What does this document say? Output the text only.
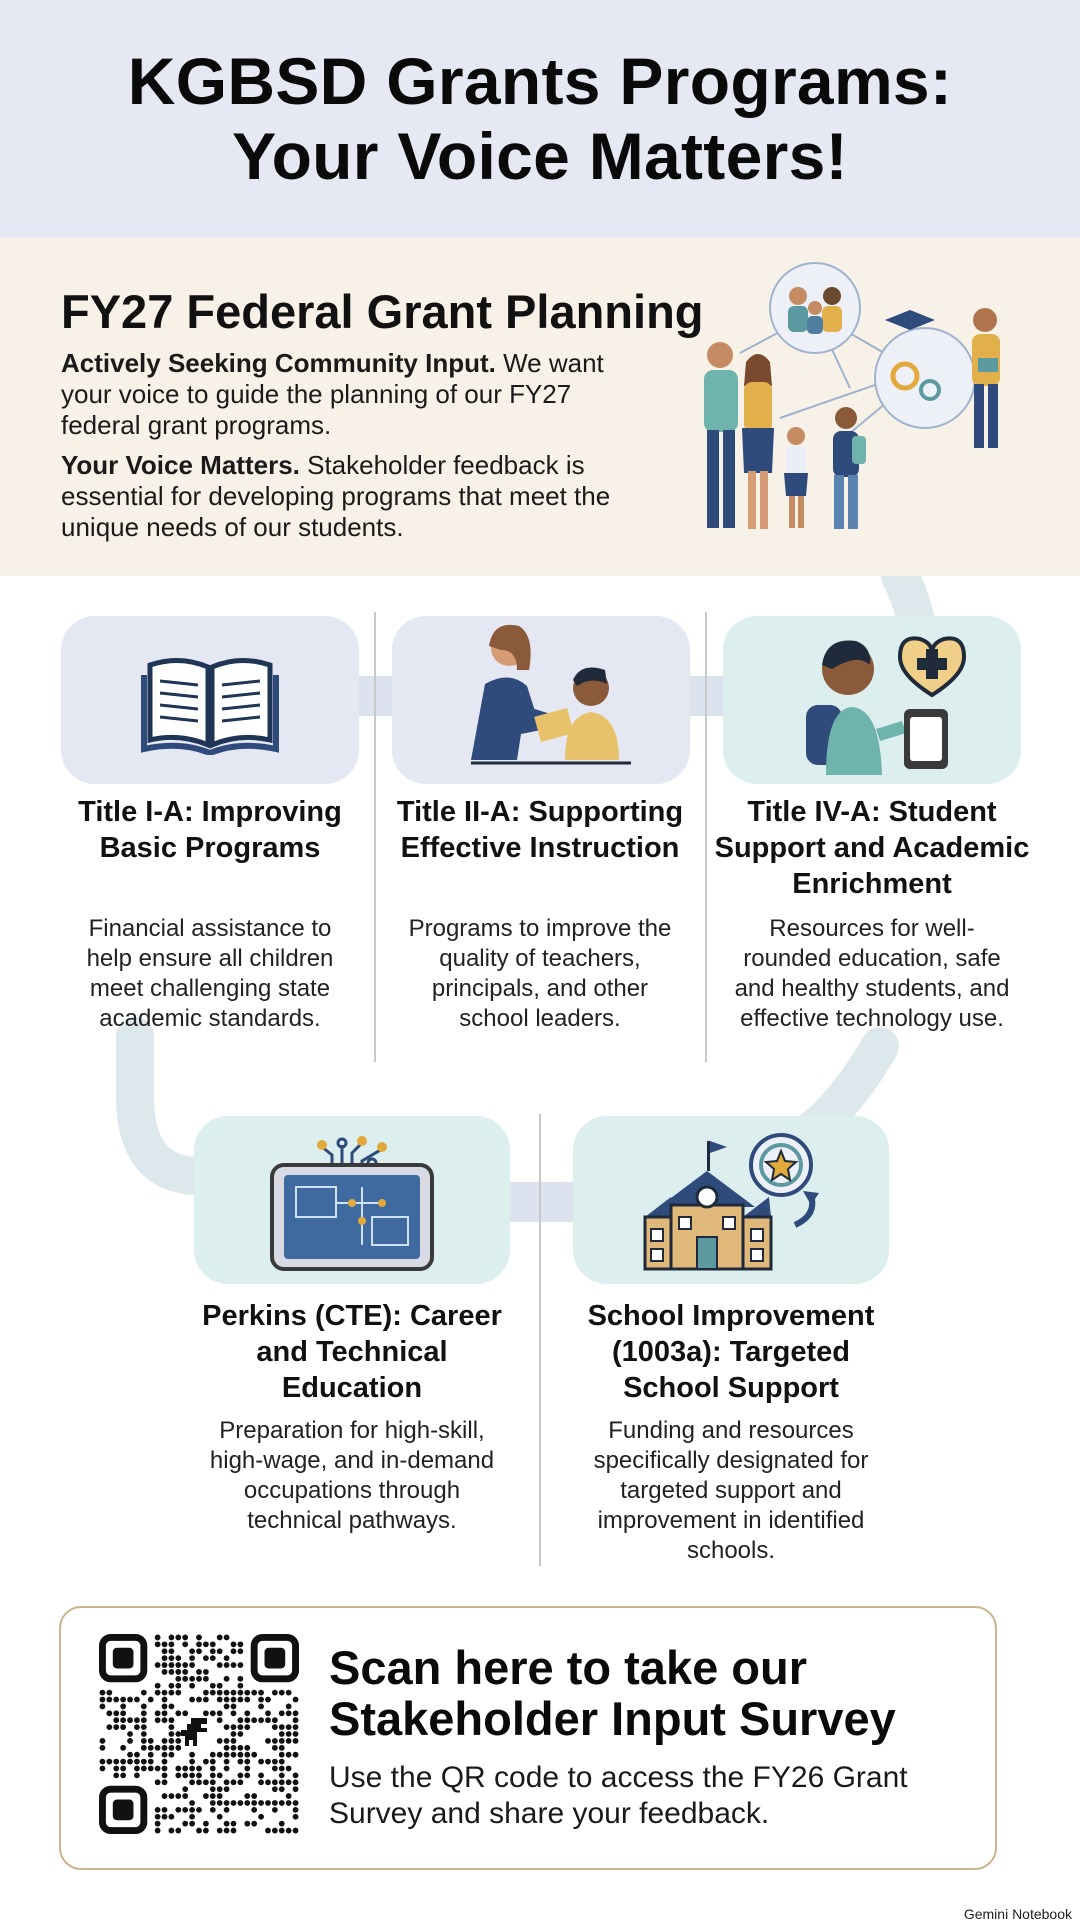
KGBSD Grants Programs:
Your Voice Matters!
FY27 Federal Grant Planning

Actively Seeking Community Input. We want your voice to guide the planning of our FY27 federal grant programs.

Your Voice Matters. Stakeholder feedback is essential for developing programs that meet the unique needs of our students.

Title I-A: Improving Basic Programs
Financial assistance to help ensure all children meet challenging state academic standards.
Title II-A: Supporting Effective Instruction
Programs to improve the quality of teachers, principals, and other school leaders.
Title IV-A: Student Support and Academic Enrichment
Resources for well-rounded education, safe and healthy students, and effective technology use.
Perkins (CTE): Career and Technical Education
Preparation for high-skill, high-wage, and in-demand occupations through technical pathways.
School Improvement (1003a): Targeted School Support
Funding and resources specifically designated for targeted support and improvement in identified schools.
Scan here to take our Stakeholder Input Survey
Use the QR code to access the FY26 Grant Survey and share your feedback.
Gemini Notebook
